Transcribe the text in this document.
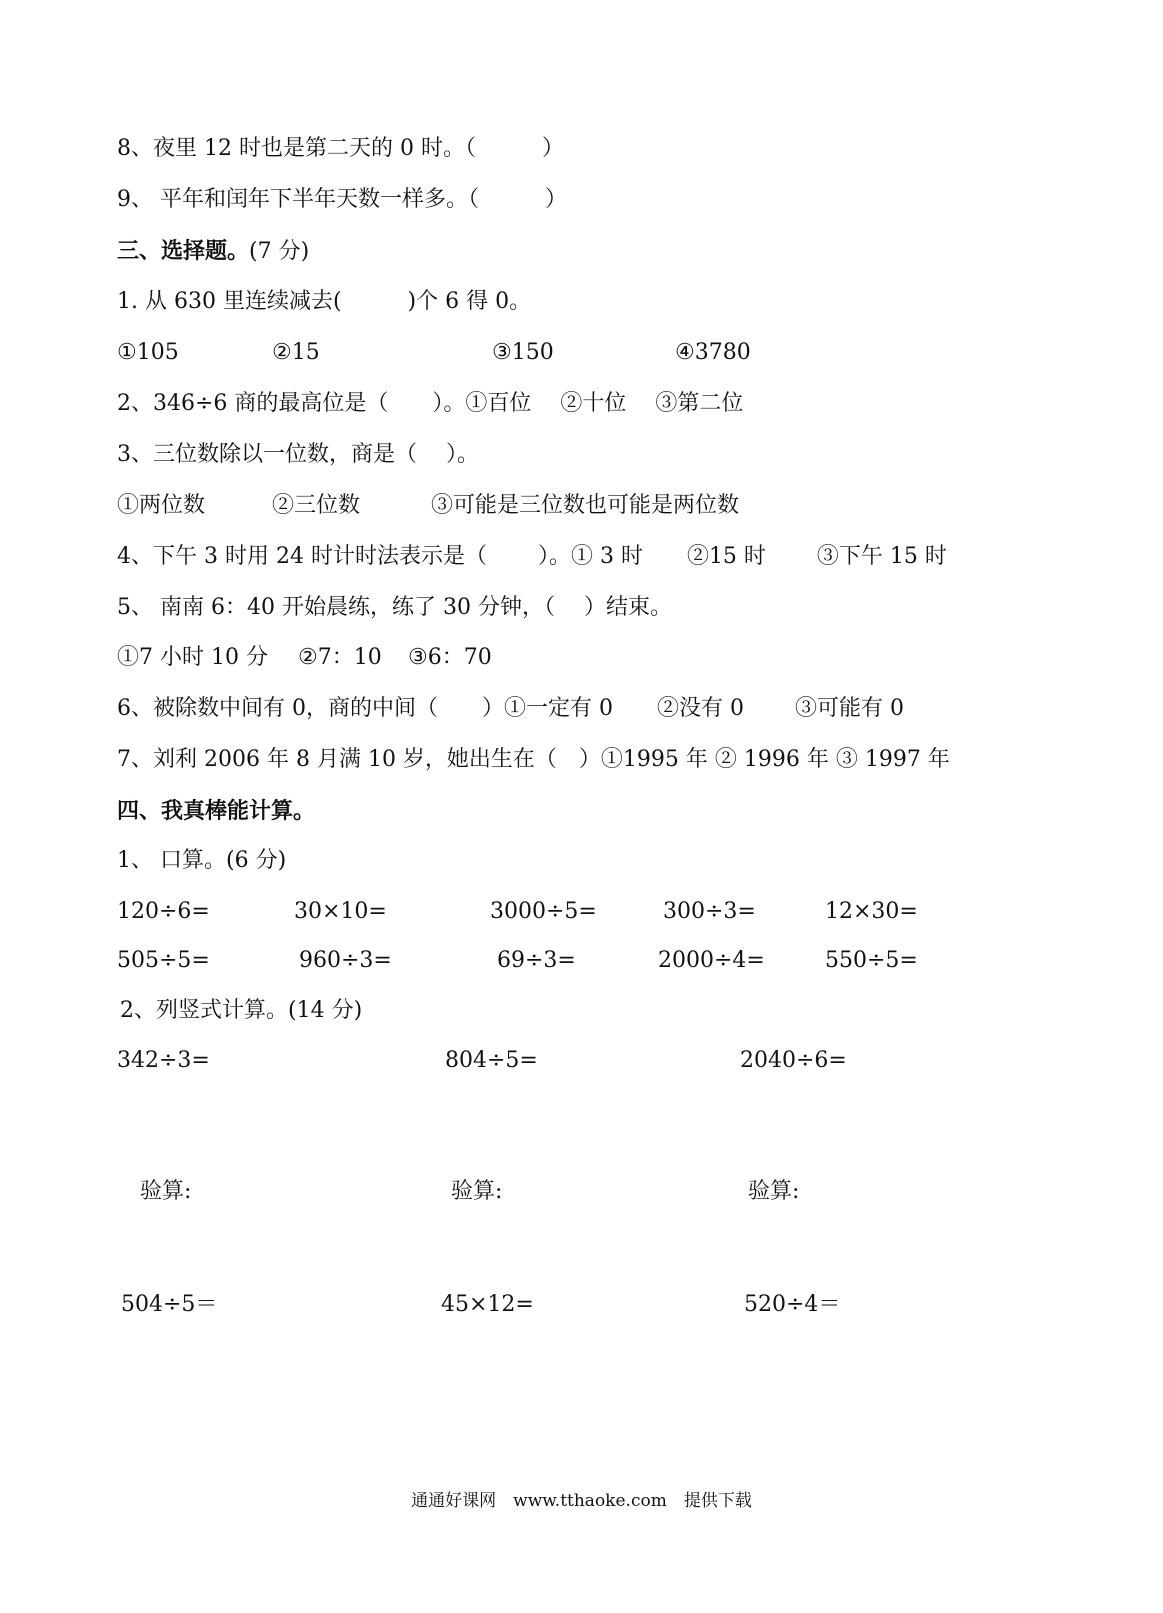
8、夜里 12 时也是第二天的 0 时。（　　　）
9、 平年和闰年下半年天数一样多。（　　　）
三、选择题。(7 分)
1. 从 630 里连续减去(　　　)个 6 得 0。
①105	②15	③150	④3780
2、346÷6 商的最高位是（　　）。①百位　 ②十位　 ③第二位
3、三位数除以一位数，商是（　 ）。
①两位数	②三位数	③可能是三位数也可能是两位数
4、下午 3 时用 24 时计时法表示是（　　 ）。① 3 时　　②15 时　　 ③下午 15 时
5、 南南 6：40 开始晨练，练了 30 分钟，（　 ）结束。
①7 小时 10 分 ②7：10 ③6：70
6、被除数中间有 0，商的中间（　　）①一定有 0　　②没有 0　　 ③可能有 0
7、刘利 2006 年 8 月满 10 岁，她出生在（　）①1995 年 ② 1996 年 ③ 1997 年
四、我真棒能计算。
1、 口算。(6 分)
120÷6=	30×10=	3000÷5=	300÷3=	12×30=
505÷5=	960÷3=	69÷3=	2000÷4=	550÷5=
2、列竖式计算。(14 分)
342÷3=	804÷5=	2040÷6=
验算:	验算:	验算:
504÷5＝	45×12=	520÷4＝
通通好课网　www.tthaoke.com　提供下载
